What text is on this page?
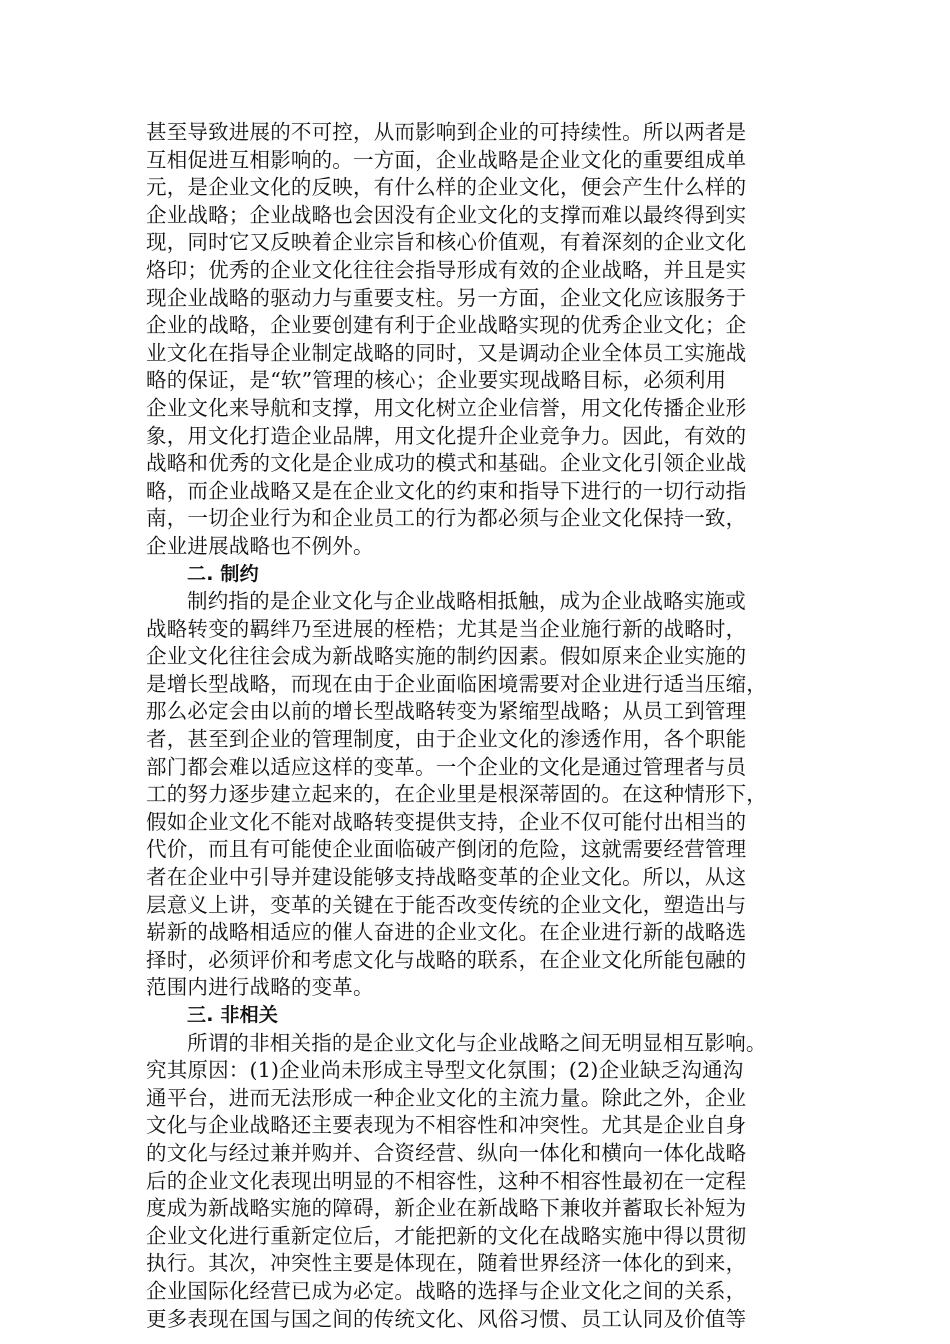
甚至导致进展的不可控，从而影响到企业的可持续性。所以两者是
互相促进互相影响的。一方面，企业战略是企业文化的重要组成单
元，是企业文化的反映，有什么样的企业文化，便会产生什么样的
企业战略；企业战略也会因没有企业文化的支撑而难以最终得到实
现，同时它又反映着企业宗旨和核心价值观，有着深刻的企业文化
烙印；优秀的企业文化往往会指导形成有效的企业战略，并且是实
现企业战略的驱动力与重要支柱。另一方面，企业文化应该服务于
企业的战略，企业要创建有利于企业战略实现的优秀企业文化；企
业文化在指导企业制定战略的同时，又是调动企业全体员工实施战
略的保证，是“软”管理的核心；企业要实现战略目标，必须利用
企业文化来导航和支撑，用文化树立企业信誉，用文化传播企业形
象，用文化打造企业品牌，用文化提升企业竞争力。因此，有效的
战略和优秀的文化是企业成功的模式和基础。企业文化引领企业战
略，而企业战略又是在企业文化的约束和指导下进行的一切行动指
南，一切企业行为和企业员工的行为都必须与企业文化保持一致，
企业进展战略也不例外。
二. 制约
制约指的是企业文化与企业战略相抵触，成为企业战略实施或
战略转变的羁绊乃至进展的桎梏；尤其是当企业施行新的战略时，
企业文化往往会成为新战略实施的制约因素。假如原来企业实施的
是增长型战略，而现在由于企业面临困境需要对企业进行适当压缩，
那么必定会由以前的增长型战略转变为紧缩型战略；从员工到管理
者，甚至到企业的管理制度，由于企业文化的渗透作用，各个职能
部门都会难以适应这样的变革。一个企业的文化是通过管理者与员
工的努力逐步建立起来的，在企业里是根深蒂固的。在这种情形下，
假如企业文化不能对战略转变提供支持，企业不仅可能付出相当的
代价，而且有可能使企业面临破产倒闭的危险，这就需要经营管理
者在企业中引导并建设能够支持战略变革的企业文化。所以，从这
层意义上讲，变革的关键在于能否改变传统的企业文化，塑造出与
崭新的战略相适应的催人奋进的企业文化。在企业进行新的战略选
择时，必须评价和考虑文化与战略的联系，在企业文化所能包融的
范围内进行战略的变革。
三. 非相关
所谓的非相关指的是企业文化与企业战略之间无明显相互影响。
究其原因：(1)企业尚未形成主导型文化氛围；(2)企业缺乏沟通沟
通平台，进而无法形成一种企业文化的主流力量。除此之外，企业
文化与企业战略还主要表现为不相容性和冲突性。尤其是企业自身
的文化与经过兼并购并、合资经营、纵向一体化和横向一体化战略
后的企业文化表现出明显的不相容性，这种不相容性最初在一定程
度成为新战略实施的障碍，新企业在新战略下兼收并蓄取长补短为
企业文化进行重新定位后，才能把新的文化在战略实施中得以贯彻
执行。其次，冲突性主要是体现在，随着世界经济一体化的到来，
企业国际化经营已成为必定。战略的选择与企业文化之间的关系，
更多表现在国与国之间的传统文化、风俗习惯、员工认同及价值等
